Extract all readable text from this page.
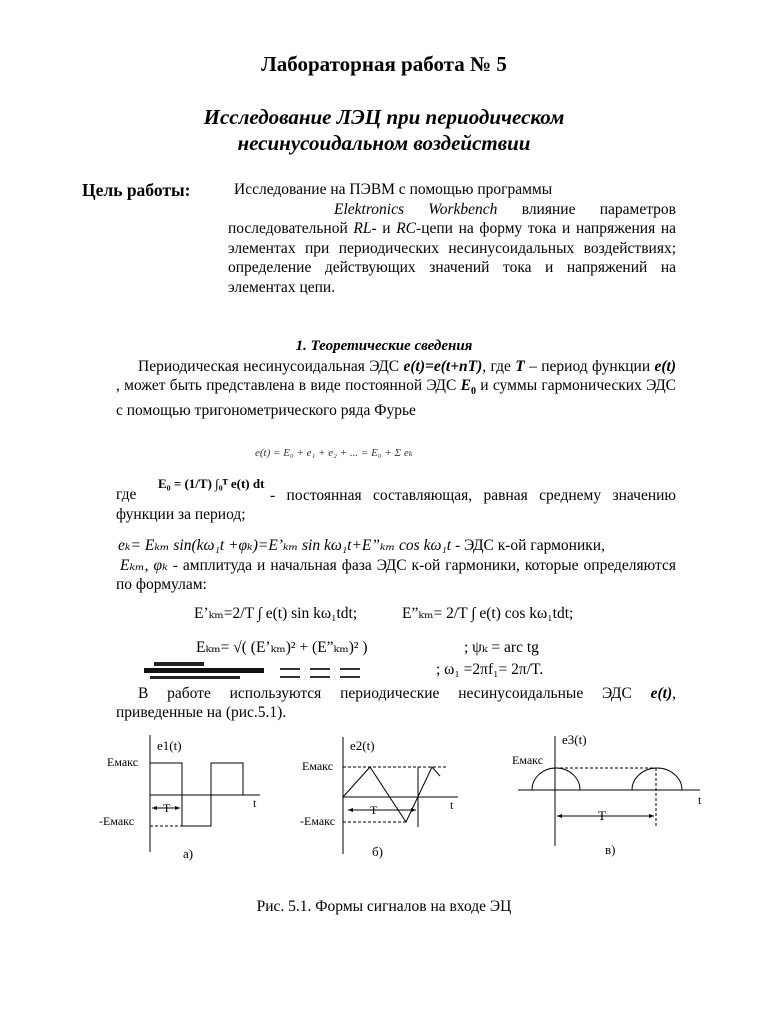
Лабораторная работа № 5
Исследование ЛЭЦ при периодическом
несинусоидальном воздействии
Цель работы:	Исследование на ПЭВМ с помощью программы
Elektronics Workbench влияние параметров последовательной RL- и RC-цепи на форму тока и напряжения на элементах при периодических несинусоидальных воздействиях; определение действующих значений тока и напряжений на элементах цепи.
1. Теоретические сведения
Периодическая несинусоидальная ЭДС e(t)=e(t+nT), где T – период функции e(t) , может быть представлена в виде постоянной ЭДС $E_0$ и суммы гармонических ЭДС с помощью тригонометрического ряда Фурье
e(t) = E₀ + e₁ + e₂ + ... = E₀ + Σ eₖ
где
E₀ = (1/T) ∫₀ᵀ e(t) dt
- постоянная составляющая, равная среднему значению функции за период;
eₖ= Eₖₘ sin(kω₁t +φₖ)=E’ₖₘ sin kω₁t+E”ₖₘ cos kω₁t - ЭДС к-ой гармоники,
Eₖₘ, φₖ - амплитуда и начальная фаза ЭДС к-ой гармоники, которые определяются по формулам:
E’ₖₘ=2/T ∫ e(t) sin kω₁tdt;	E”ₖₘ= 2/T ∫ e(t) cos kω₁tdt;
Eₖₘ= √( (E’ₖₘ)² + (E”ₖₘ)² )	; ψₖ = arc tg
; ω₁ =2πf₁= 2π/T.
В работе используются периодические несинусоидальные ЭДС e(t), приведенные на (рис.5.1).
e1(t)
Емакс
-Емакс
t
T
а)
e2(t)
Емакс
-Емакс
t
T
б)
e3(t)
Емакс
t
T
в)
Рис. 5.1. Формы сигналов на входе ЭЦ
